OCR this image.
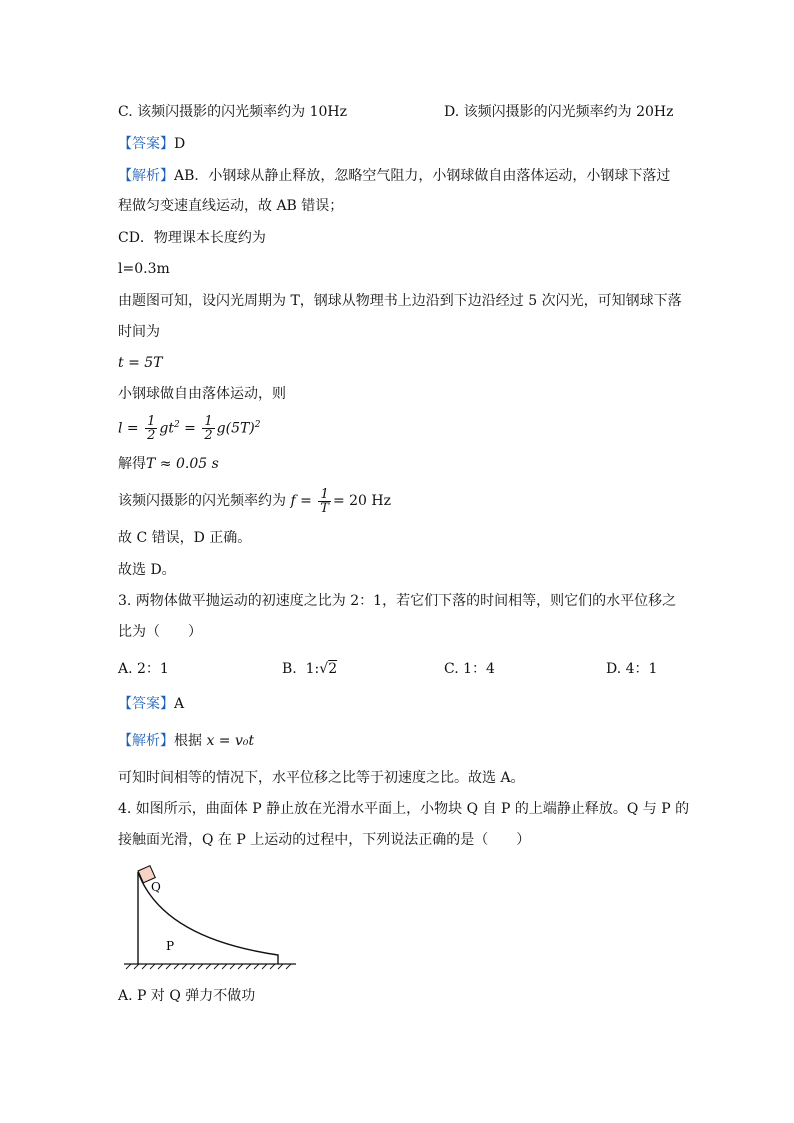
C. 该频闪摄影的闪光频率约为 10Hz	D. 该频闪摄影的闪光频率约为 20Hz
【答案】D
【解析】AB．小钢球从静止释放，忽略空气阻力，小钢球做自由落体运动，小钢球下落过
程做匀变速直线运动，故 AB 错误；
CD．物理课本长度约为
l=0.3m
由题图可知，设闪光周期为 T，钢球从物理书上边沿到下边沿经过 5 次闪光，可知钢球下落
时间为
t = 5T
小钢球做自由落体运动，则
$l = \frac{1}{2} gt^2 = \frac{1}{2} g(5T)^2$
解得T ≈ 0.05 s
该频闪摄影的闪光频率约为 $f = \frac{1}{T} = 20$ Hz
故 C 错误，D 正确。
故选 D。
3. 两物体做平抛运动的初速度之比为 2：1，若它们下落的时间相等，则它们的水平位移之
比为（　　）
A. 2：1	B.  1:√2	C. 1：4	D. 4：1
【答案】A
【解析】根据 x = v₀t
可知时间相等的情况下，水平位移之比等于初速度之比。故选 A。
4. 如图所示，曲面体 P 静止放在光滑水平面上，小物块 Q 自 P 的上端静止释放。Q 与 P 的
接触面光滑，Q 在 P 上运动的过程中，下列说法正确的是（　　）
Q
P
A. P 对 Q 弹力不做功
